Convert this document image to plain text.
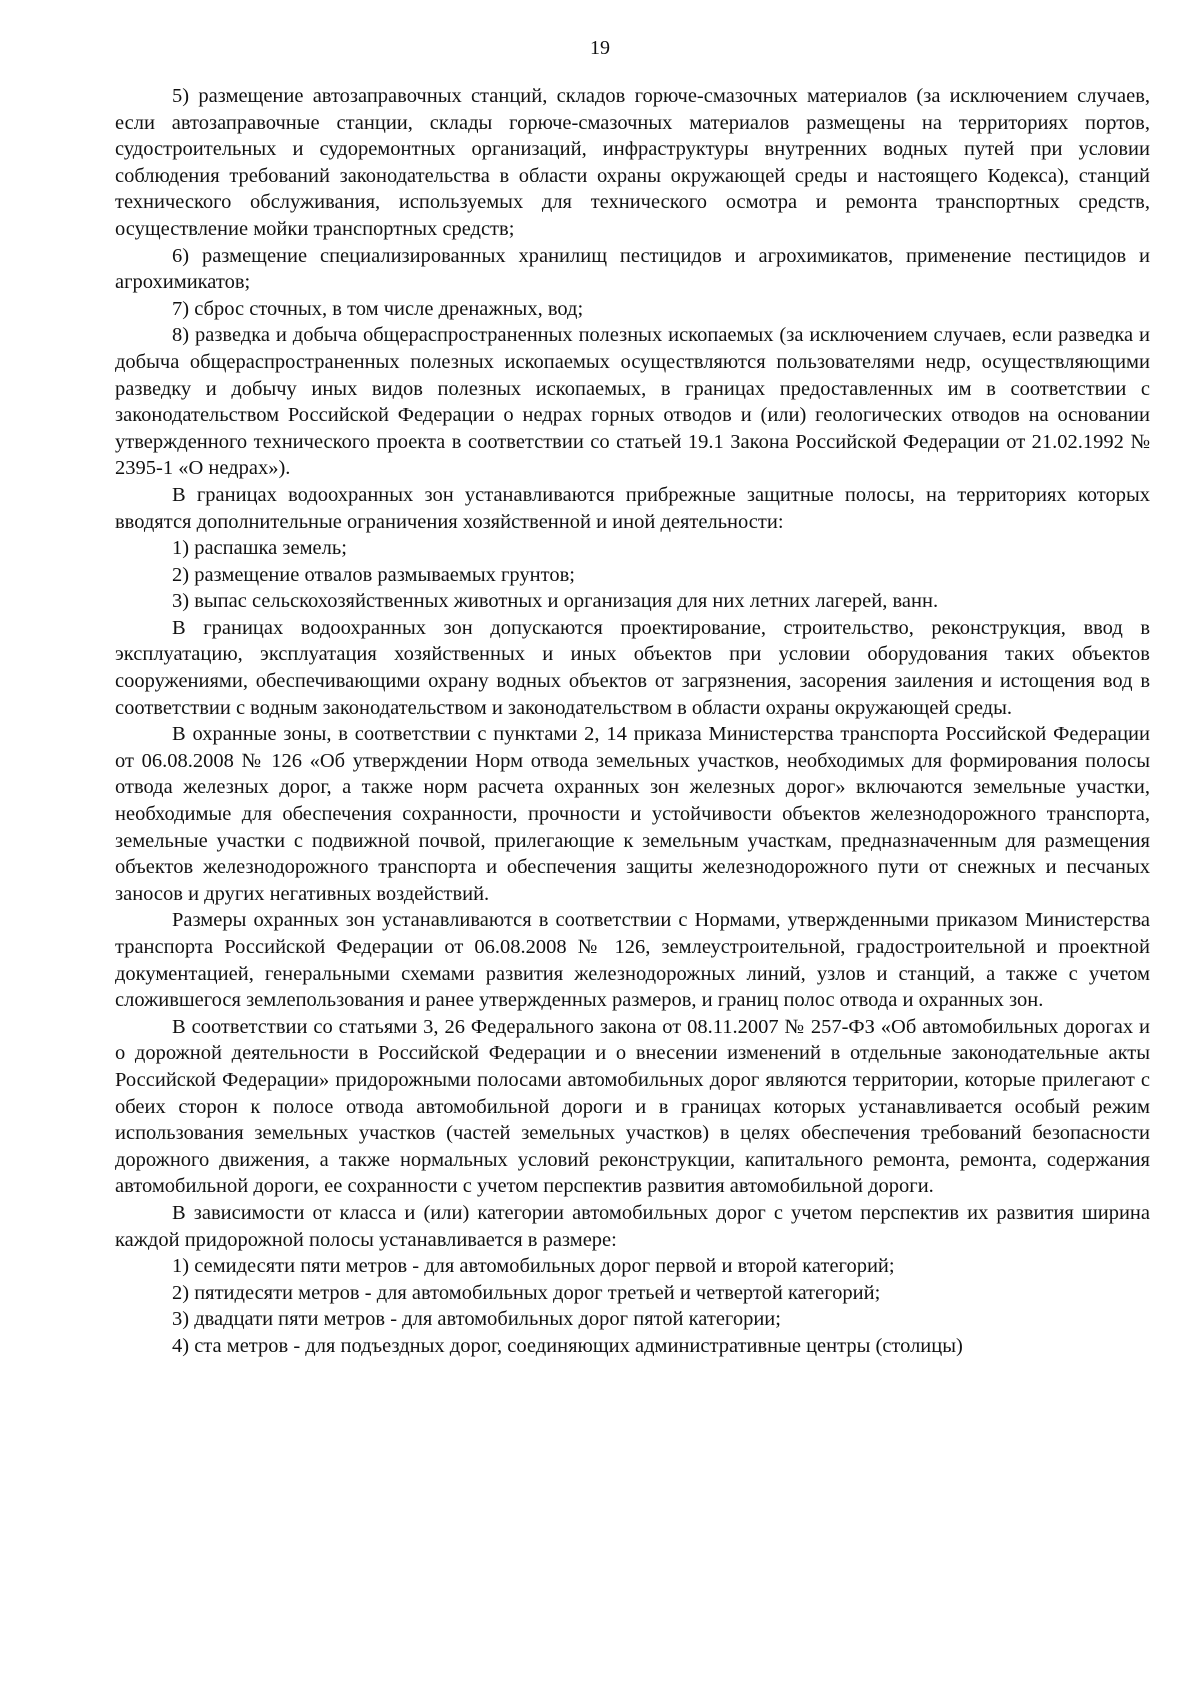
19

5) размещение автозаправочных станций, складов горюче-смазочных материалов (за исключением случаев, если автозаправочные станции, склады горюче-смазочных материалов размещены на территориях портов, судостроительных и судоремонтных организаций, инфраструктуры внутренних водных путей при условии соблюдения требований законодательства в области охраны окружающей среды и настоящего Кодекса), станций технического обслуживания, используемых для технического осмотра и ремонта транспортных средств, осуществление мойки транспортных средств;

6) размещение специализированных хранилищ пестицидов и агрохимикатов, применение пестицидов и агрохимикатов;

7) сброс сточных, в том числе дренажных, вод;

8) разведка и добыча общераспространенных полезных ископаемых (за исключением случаев, если разведка и добыча общераспространенных полезных ископаемых осуществляются пользователями недр, осуществляющими разведку и добычу иных видов полезных ископаемых, в границах предоставленных им в соответствии с законодательством Российской Федерации о недрах горных отводов и (или) геологических отводов на основании утвержденного технического проекта в соответствии со статьей 19.1 Закона Российской Федерации от 21.02.1992 № 2395-1 «О недрах»).

В границах водоохранных зон устанавливаются прибрежные защитные полосы, на территориях которых вводятся дополнительные ограничения хозяйственной и иной деятельности:

1) распашка земель;

2) размещение отвалов размываемых грунтов;

3) выпас сельскохозяйственных животных и организация для них летних лагерей, ванн.

В границах водоохранных зон допускаются проектирование, строительство, реконструкция, ввод в эксплуатацию, эксплуатация хозяйственных и иных объектов при условии оборудования таких объектов сооружениями, обеспечивающими охрану водных объектов от загрязнения, засорения заиления и истощения вод в соответствии с водным законодательством и законодательством в области охраны окружающей среды.

В охранные зоны, в соответствии с пунктами 2, 14 приказа Министерства транспорта Российской Федерации от 06.08.2008 № 126 «Об утверждении Норм отвода земельных участков, необходимых для формирования полосы отвода железных дорог, а также норм расчета охранных зон железных дорог» включаются земельные участки, необходимые для обеспечения сохранности, прочности и устойчивости объектов железнодорожного транспорта, земельные участки с подвижной почвой, прилегающие к земельным участкам, предназначенным для размещения объектов железнодорожного транспорта и обеспечения защиты железнодорожного пути от снежных и песчаных заносов и других негативных воздействий.

Размеры охранных зон устанавливаются в соответствии с Нормами, утвержденными приказом Министерства транспорта Российской Федерации от 06.08.2008 № 126, землеустроительной, градостроительной и проектной документацией, генеральными схемами развития железнодорожных линий, узлов и станций, а также с учетом сложившегося землепользования и ранее утвержденных размеров, и границ полос отвода и охранных зон.

В соответствии со статьями 3, 26 Федерального закона от 08.11.2007 № 257-ФЗ «Об автомобильных дорогах и о дорожной деятельности в Российской Федерации и о внесении изменений в отдельные законодательные акты Российской Федерации» придорожными полосами автомобильных дорог являются территории, которые прилегают с обеих сторон к полосе отвода автомобильной дороги и в границах которых устанавливается особый режим использования земельных участков (частей земельных участков) в целях обеспечения требований безопасности дорожного движения, а также нормальных условий реконструкции, капитального ремонта, ремонта, содержания автомобильной дороги, ее сохранности с учетом перспектив развития автомобильной дороги.

В зависимости от класса и (или) категории автомобильных дорог с учетом перспектив их развития ширина каждой придорожной полосы устанавливается в размере:

1) семидесяти пяти метров - для автомобильных дорог первой и второй категорий;

2) пятидесяти метров - для автомобильных дорог третьей и четвертой категорий;

3) двадцати пяти метров - для автомобильных дорог пятой категории;

4) ста метров - для подъездных дорог, соединяющих административные центры (столицы)
